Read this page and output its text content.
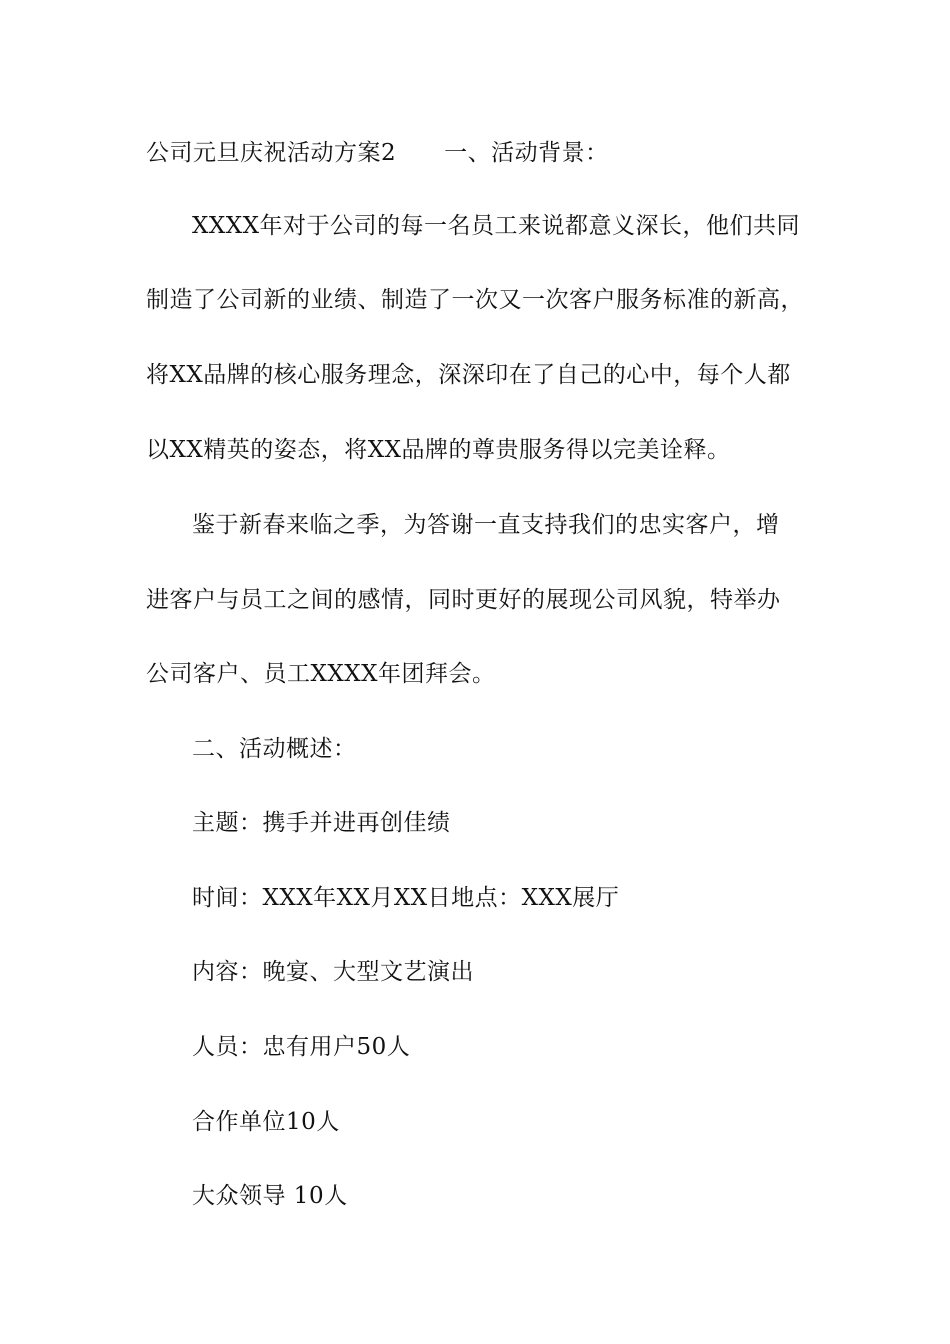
公司元旦庆祝活动方案2 一、活动背景：
XXXX年对于公司的每一名员工来说都意义深长，他们共同
制造了公司新的业绩、制造了一次又一次客户服务标准的新高，
将XX品牌的核心服务理念，深深印在了自己的心中，每个人都
以XX精英的姿态，将XX品牌的尊贵服务得以完美诠释。
鉴于新春来临之季，为答谢一直支持我们的忠实客户，增
进客户与员工之间的感情，同时更好的展现公司风貌，特举办
公司客户、员工XXXX年团拜会。
二、活动概述：
主题：携手并进再创佳绩
时间：XXX年XX月XX日地点：XXX展厅
内容：晚宴、大型文艺演出
人员：忠有用户50人
合作单位10人
大众领导 10人
